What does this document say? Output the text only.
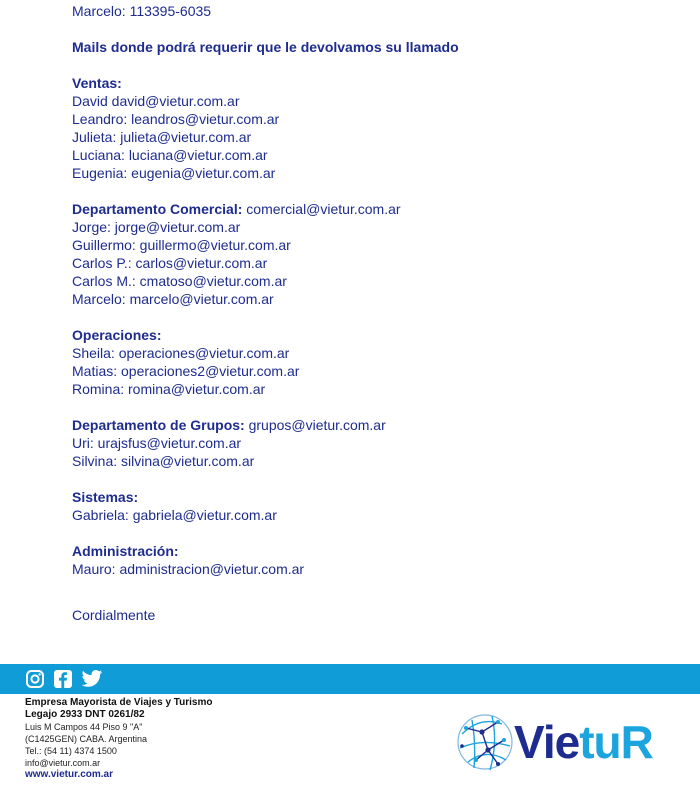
Marcelo: 113395-6035
Mails donde podrá requerir que le devolvamos su llamado
Ventas:
David david@vietur.com.ar
Leandro: leandros@vietur.com.ar
Julieta: julieta@vietur.com.ar
Luciana: luciana@vietur.com.ar
Eugenia: eugenia@vietur.com.ar
Departamento Comercial: comercial@vietur.com.ar
Jorge: jorge@vietur.com.ar
Guillermo: guillermo@vietur.com.ar
Carlos P.: carlos@vietur.com.ar
Carlos M.: cmatoso@vietur.com.ar
Marcelo: marcelo@vietur.com.ar
Operaciones:
Sheila: operaciones@vietur.com.ar
Matias: operaciones2@vietur.com.ar
Romina: romina@vietur.com.ar
Departamento de Grupos: grupos@vietur.com.ar
Uri: urajsfus@vietur.com.ar
Silvina: silvina@vietur.com.ar
Sistemas:
Gabriela: gabriela@vietur.com.ar
Administración:
Mauro: administracion@vietur.com.ar
Cordialmente
Empresa Mayorista de Viajes y Turismo
Legajo 2933 DNT 0261/82
Luis M Campos 44 Piso 9 "A"
(C1425GEN) CABA. Argentina
Tel.: (54 11) 4374 1500
info@vietur.com.ar
www.vietur.com.ar
VietuR
